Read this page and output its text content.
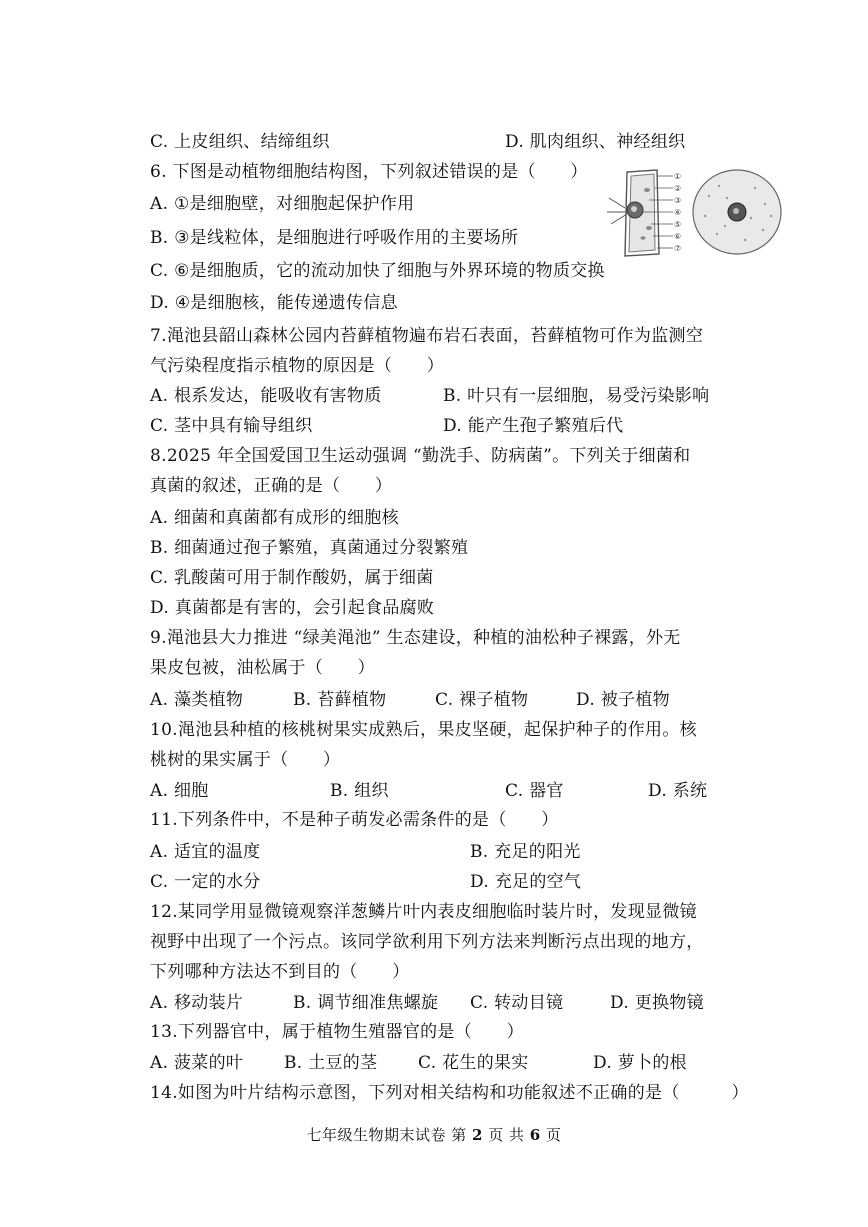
C. 上皮组织、结缔组织	D. 肌肉组织、神经组织
6. 下图是动植物细胞结构图，下列叙述错误的是（　　）
A. ①是细胞壁，对细胞起保护作用
B. ③是线粒体，是细胞进行呼吸作用的主要场所
C. ⑥是细胞质，它的流动加快了细胞与外界环境的物质交换
D. ④是细胞核，能传递遗传信息
①
②
③
④
⑤
⑥
⑦
7.渑池县韶山森林公园内苔藓植物遍布岩石表面，苔藓植物可作为监测空
气污染程度指示植物的原因是（　　）
A. 根系发达，能吸收有害物质	B. 叶只有一层细胞，易受污染影响
C. 茎中具有输导组织	D. 能产生孢子繁殖后代
8.2025 年全国爱国卫生运动强调 “勤洗手、防病菌”。下列关于细菌和
真菌的叙述，正确的是（　　）
A. 细菌和真菌都有成形的细胞核
B. 细菌通过孢子繁殖，真菌通过分裂繁殖
C. 乳酸菌可用于制作酸奶，属于细菌
D. 真菌都是有害的，会引起食品腐败
9.渑池县大力推进 “绿美渑池” 生态建设，种植的油松种子裸露，外无
果皮包被，油松属于（　　）
A. 藻类植物	B. 苔藓植物	C. 裸子植物	D. 被子植物
10.渑池县种植的核桃树果实成熟后，果皮坚硬，起保护种子的作用。核
桃树的果实属于（　　）
A. 细胞	B. 组织	C. 器官	D. 系统
11.下列条件中，不是种子萌发必需条件的是（　　）
A. 适宜的温度	B. 充足的阳光
C. 一定的水分	D. 充足的空气
12.某同学用显微镜观察洋葱鳞片叶内表皮细胞临时装片时，发现显微镜
视野中出现了一个污点。该同学欲利用下列方法来判断污点出现的地方，
下列哪种方法达不到目的（　　）
A. 移动装片	B. 调节细准焦螺旋 C. 转动目镜	D. 更换物镜
13.下列器官中，属于植物生殖器官的是（　　）
A. 菠菜的叶 B. 土豆的茎 C. 花生的果实	D. 萝卜的根
14.如图为叶片结构示意图，下列对相关结构和功能叙述不正确的是（　　　）
七年级生物期末试卷 第 2 页 共 6 页
